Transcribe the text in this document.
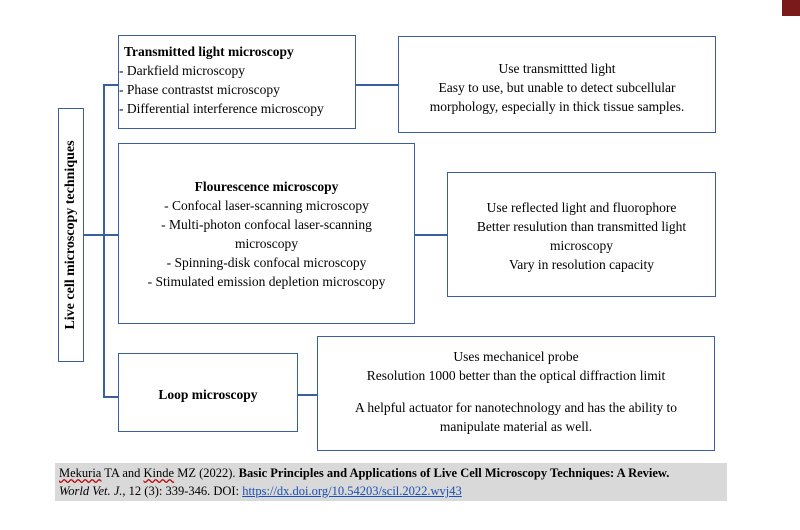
Live cell microscopy techniques
Transmitted light microscopy
- Darkfield microscopy
- Phase contrastst microscopy
- Differential interference microscopy
Use transmittted light
Easy to use, but unable to detect subcellular
morphology, especially in thick tissue samples.
Flourescence microscopy
- Confocal laser-scanning microscopy
- Multi-photon confocal laser-scanning
microscopy
- Spinning-disk confocal microscopy
- Stimulated emission depletion microscopy
Use reflected light and fluorophore
Better resulution than transmitted light
microscopy
Vary in resolution capacity
Loop microscopy
Uses mechanicel probe
Resolution 1000 better than the optical diffraction limit
A helpful actuator for nanotechnology and has the ability to
manipulate material as well.
Mekuria TA and Kinde MZ (2022). Basic Principles and Applications of Live Cell Microscopy Techniques: A Review.
World Vet. J., 12 (3): 339-346. DOI: https://dx.doi.org/10.54203/scil.2022.wvj43
